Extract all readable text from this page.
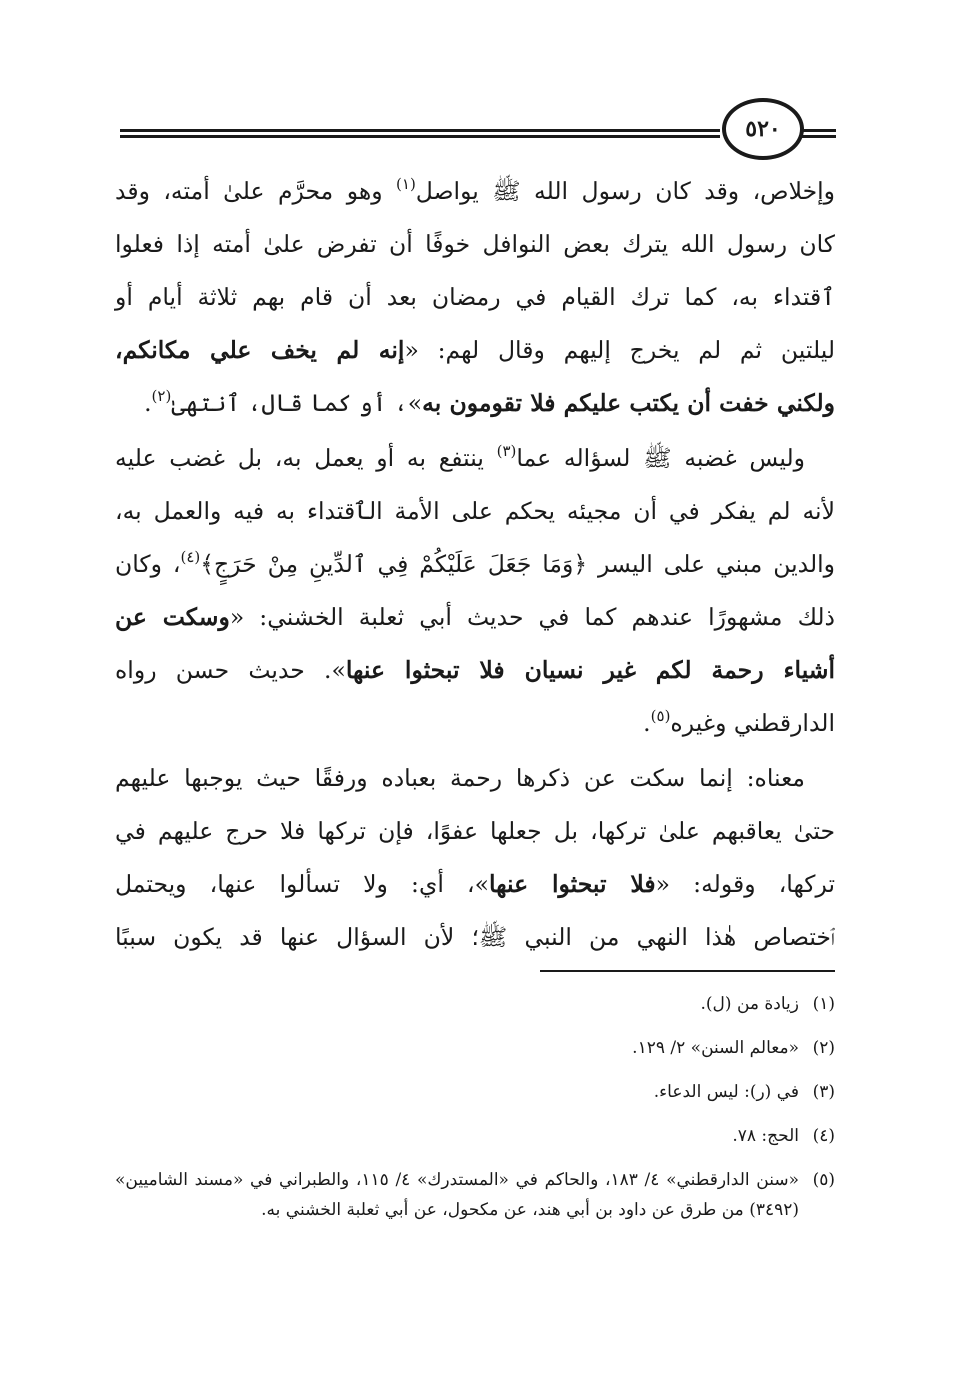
٥٢٠
وإخلاص، وقد كان رسول الله ﷺ يواصل$^{(١)}$ وهو محرَّم علىٰ أمته، وقد
كان رسول الله يترك بعض النوافل خوفًا أن تفرض علىٰ أمته إذا فعلوا
ٱقتداء به، كما ترك القيام في رمضان بعد أن قام بهم ثلاثة أيام أو
ليلتين ثم لم يخرج إليهم وقال لهم: «إنه لم يخف علي مكانكم،
ولكني خفت أن يكتب عليكم فلا تقومون به»، أو كما قال، ٱنتهىٰ$^{(٢)}$.
وليس غضبه ﷺ لسؤاله عما$^{(٣)}$ ينتفع به أو يعمل به، بل غضب عليه
لأنه لم يفكر في أن مجيئه يحكم على الأمة الٱقتداء به فيه والعمل به،
والدين مبني على اليسر ﴿وَمَا جَعَلَ عَلَيْكُمْ فِي ٱلدِّينِ مِنْ حَرَجٍ﴾$^{(٤)}$، وكان
ذلك مشهورًا عندهم كما في حديث أبي ثعلبة الخشني: «وسكت عن
أشياء رحمة لكم غير نسيان فلا تبحثوا عنها». حديث حسن رواه
الدارقطني وغيره$^{(٥)}$.
معناه: إنما سكت عن ذكرها رحمة بعباده ورفقًا حيث يوجبها عليهم
حتىٰ يعاقبهم علىٰ تركها، بل جعلها عفوًا، فإن تركها فلا حرج عليهم في
تركها، وقوله: «فلا تبحثوا عنها»، أي: ولا تسألوا عنها، ويحتمل
ٱختصاص هٰذا النهي من النبي ﷺ؛ لأن السؤال عنها قد يكون سببًا
(١)
زيادة من (ل).
(٢)
«معالم السنن» ٢/ ١٢٩.
(٣)
في (ر): ليس الدعاء.
(٤)
الحج: ٧٨.
(٥)
«سنن الدارقطني» ٤/ ١٨٣، والحاكم في «المستدرك» ٤/ ١١٥، والطبراني في «مسند الشاميين» (٣٤٩٢) من طرق عن داود بن أبي هند، عن مكحول، عن أبي ثعلبة الخشني به.
